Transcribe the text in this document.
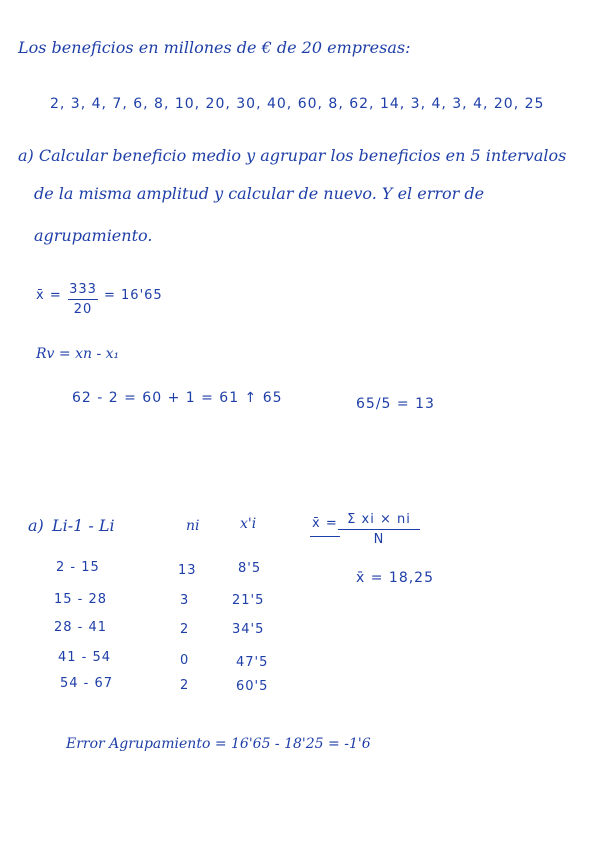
Los beneficios en millones de € de 20 empresas:
2, 3, 4, 7, 6, 8, 10, 20, 30, 40, 60, 8, 62, 14, 3, 4, 3, 4, 20, 25
a) Calcular beneficio medio y agrupar los beneficios en 5 intervalos
de la misma amplitud y calcular de nuevo. Y el error de
agrupamiento.
x̄ = 333
20
= 16'65
Rv = xn - x₁
62 - 2 = 60 + 1 = 61 ↑ 65	65/5 = 13
a) Li-1 - Li	ni	x'i
2 - 15	13	8'5
15 - 28	3	21'5
28 - 41	2	34'5
41 - 54	0	47'5
54 - 67	2	60'5
x̄ = Σ xi × ni
N
x̄ = 18,25
Error Agrupamiento = 16'65 - 18'25 = -1'6
